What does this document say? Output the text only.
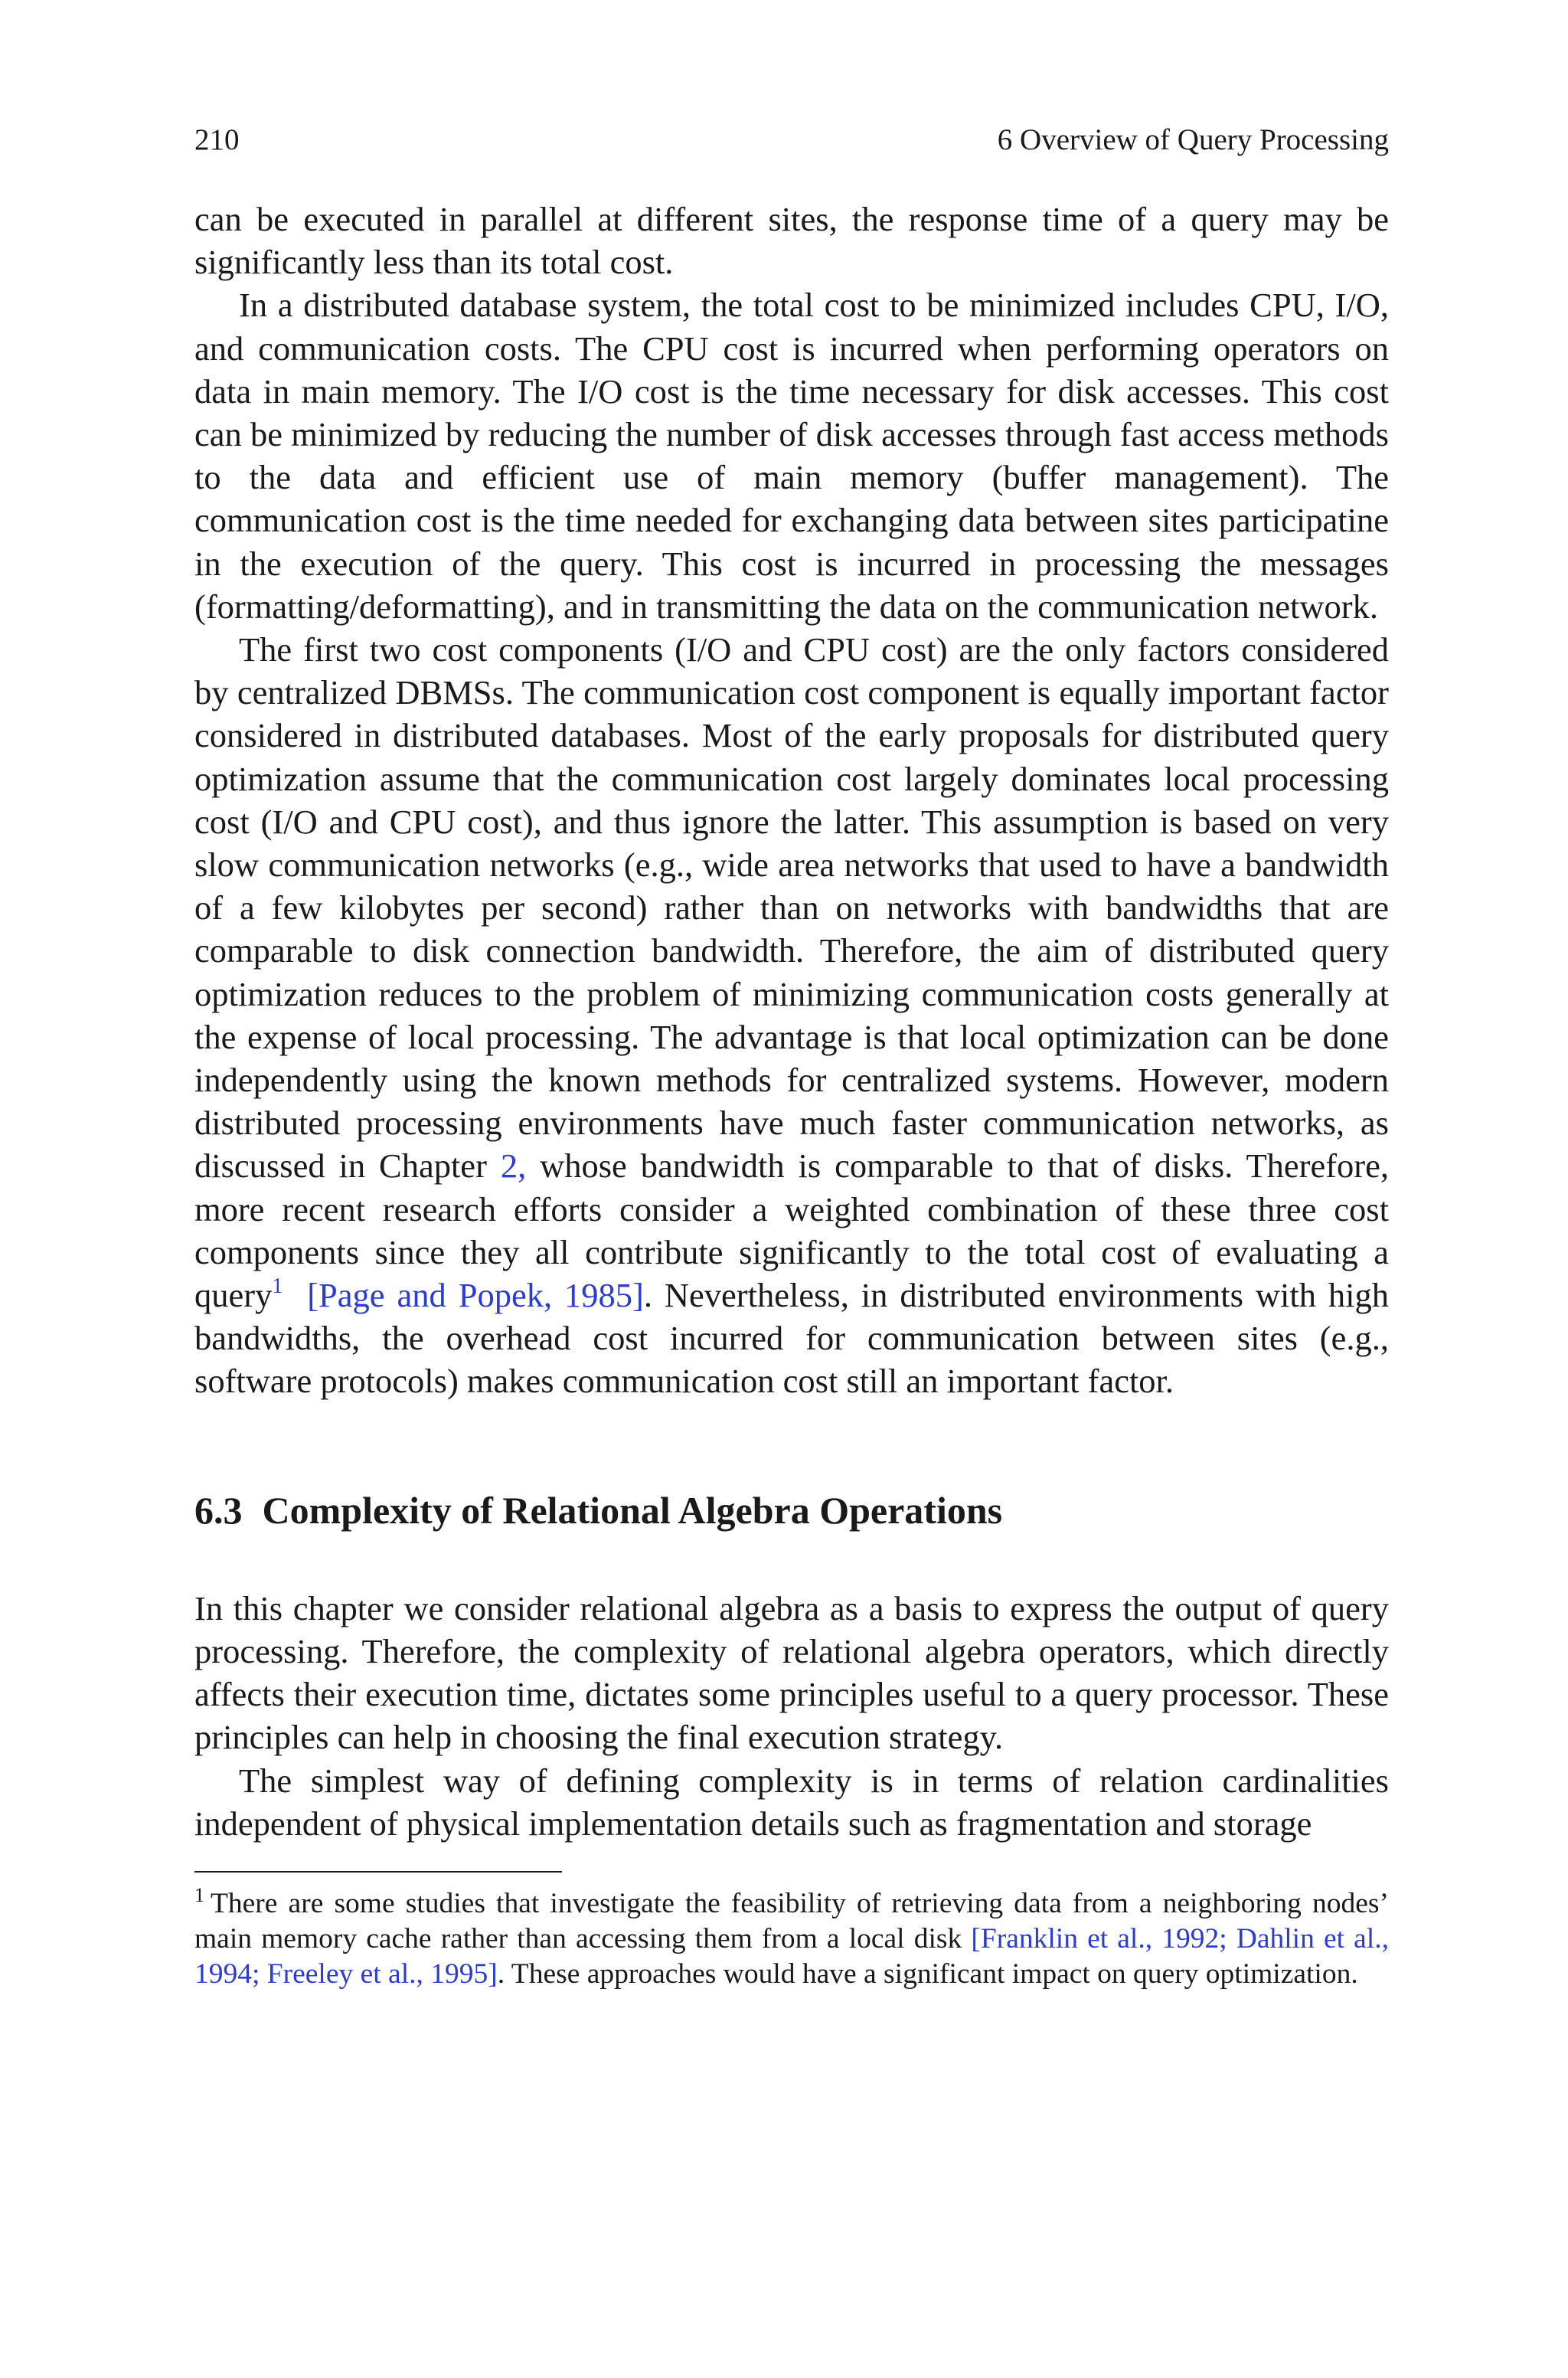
210	6 Overview of Query Processing

can be executed in parallel at different sites, the response time of a query may be significantly less than its total cost.

In a distributed database system, the total cost to be minimized includes CPU, I/O, and communication costs. The CPU cost is incurred when performing operators on data in main memory. The I/O cost is the time necessary for disk accesses. This cost can be minimized by reducing the number of disk accesses through fast access methods to the data and efficient use of main memory (buffer management). The communication cost is the time needed for exchanging data between sites participatine in the execution of the query. This cost is incurred in processing the messages (formatting/deformatting), and in transmitting the data on the communication network.

The first two cost components (I/O and CPU cost) are the only factors considered by centralized DBMSs. The communication cost component is equally important factor considered in distributed databases. Most of the early proposals for distributed query optimization assume that the communication cost largely dominates local processing cost (I/O and CPU cost), and thus ignore the latter. This assumption is based on very slow communication networks (e.g., wide area networks that used to have a bandwidth of a few kilobytes per second) rather than on networks with bandwidths that are comparable to disk connection bandwidth. Therefore, the aim of distributed query optimization reduces to the problem of minimizing communication costs generally at the expense of local processing. The advantage is that local optimization can be done independently using the known methods for centralized systems. However, modern distributed processing environments have much faster communication networks, as discussed in Chapter 2, whose bandwidth is comparable to that of disks. Therefore, more recent research efforts consider a weighted combination of these three cost components since they all contribute significantly to the total cost of evaluating a query$^1$ [Page and Popek, 1985]. Nevertheless, in distributed environments with high bandwidths, the overhead cost incurred for communication between sites (e.g., software protocols) makes communication cost still an important factor.

6.3 Complexity of Relational Algebra Operations

In this chapter we consider relational algebra as a basis to express the output of query processing. Therefore, the complexity of relational algebra operators, which directly affects their execution time, dictates some principles useful to a query processor. These principles can help in choosing the final execution strategy.

The simplest way of defining complexity is in terms of relation cardinalities independent of physical implementation details such as fragmentation and storage

$^1$ There are some studies that investigate the feasibility of retrieving data from a neighboring nodes’ main memory cache rather than accessing them from a local disk [Franklin et al., 1992; Dahlin et al., 1994; Freeley et al., 1995]. These approaches would have a significant impact on query optimization.
